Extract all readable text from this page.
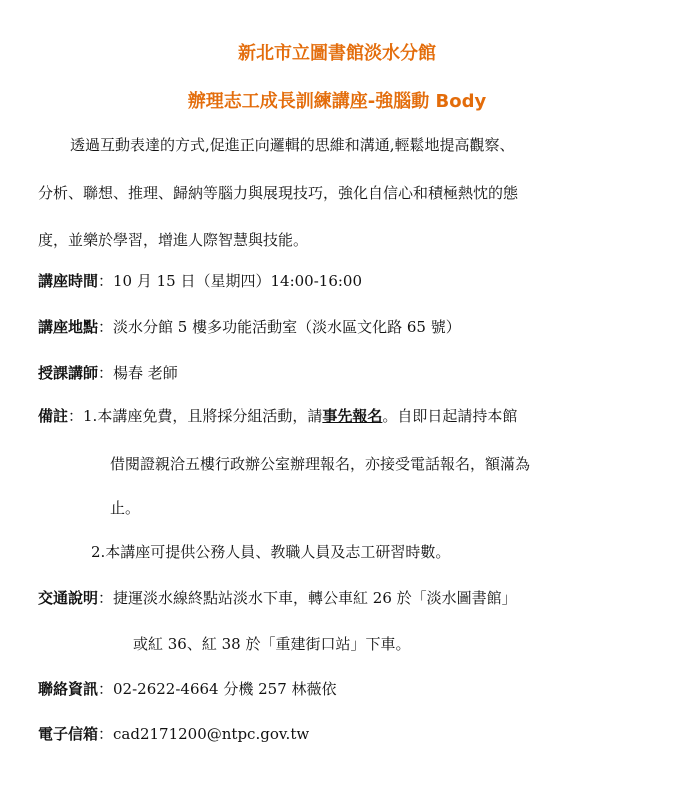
新北市立圖書館淡水分館
辦理志工成長訓練講座-強腦動 Body
透過互動表達的方式,促進正向邏輯的思維和溝通,輕鬆地提高觀察、
分析、聯想、推理、歸納等腦力與展現技巧，強化自信心和積極熱忱的態
度，並樂於學習，增進人際智慧與技能。
講座時間：10 月 15 日（星期四）14:00-16:00
講座地點：淡水分館 5 樓多功能活動室（淡水區文化路 65 號）
授課講師：楊春 老師
備註：1.本講座免費，且將採分組活動，請事先報名。自即日起請持本館
借閱證親洽五樓行政辦公室辦理報名，亦接受電話報名，額滿為
止。
2.本講座可提供公務人員、教職人員及志工研習時數。
交通說明：捷運淡水線終點站淡水下車，轉公車紅 26 於「淡水圖書館」
或紅 36、紅 38 於「重建街口站」下車。
聯絡資訊：02-2622-4664 分機 257 林薇依
電子信箱：cad2171200@ntpc.gov.tw
